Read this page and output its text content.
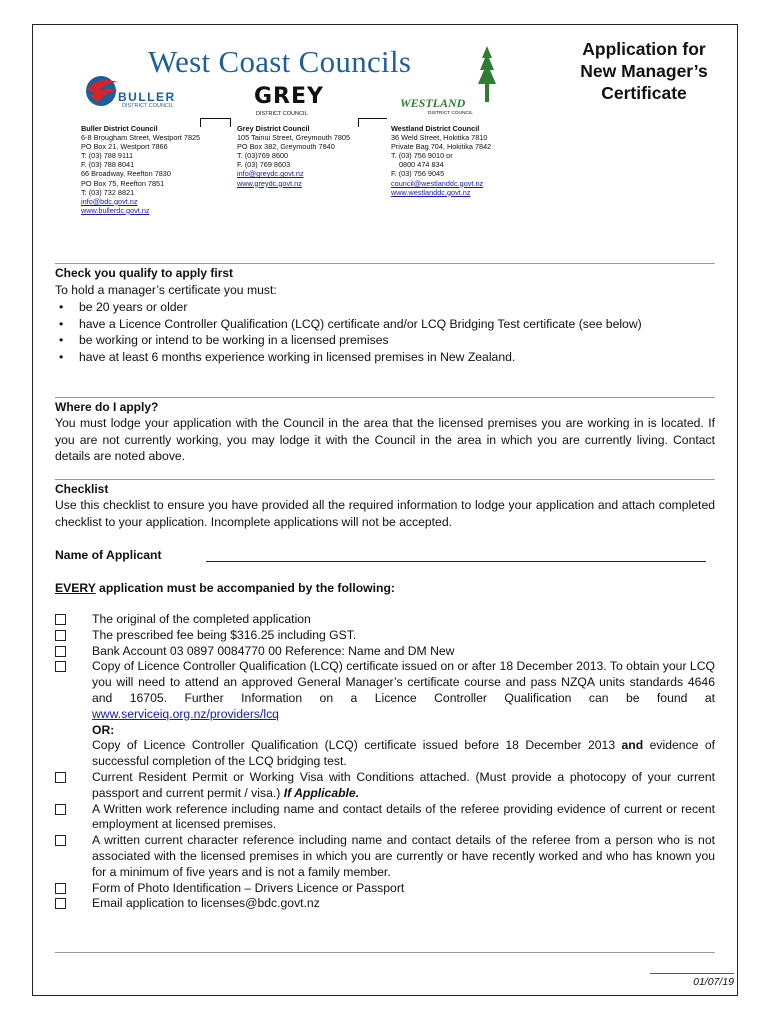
West Coast Councils	Application for
New Manager’s
Certificate
BULLER
DISTRICT COUNCIL	GREY
DISTRICT COUNCIL
WESTLAND
DISTRICT COUNCIL
Buller District Council
6-8 Brougham Street, Westport 7825
PO Box 21, Westport 7866
T: (03) 788 9111
F. (03) 788 8041
66 Broadway, Reefton 7830
PO Box 75, Reefton 7851
T: (03) 732 8821
info@bdc.govt.nz
www.bullerdc.govt.nz
Grey District Council
105 Tainui Street, Greymouth 7805
PO Box 382, Greymouth 7840
T. (03)769 8600
F. (03) 769 8603
info@greydc.govt.nz
www.greydc.govt.nz
Westland District Council
36 Weld Street, Hokitika 7810
Private Bag 704, Hokitika 7842
T. (03) 756 9010 or
0800 474 834
F. (03) 756 9045
council@westlanddc.govt.nz
www.westlanddc.govt.nz
Check you qualify to apply first
To hold a manager’s certificate you must:
• be 20 years or older
• have a Licence Controller Qualification (LCQ) certificate and/or LCQ Bridging Test certificate (see below)
• be working or intend to be working in a licensed premises
• have at least 6 months experience working in licensed premises in New Zealand.
Where do I apply?
You must lodge your application with the Council in the area that the licensed premises you are working in is located. If you are not currently working, you may lodge it with the Council in the area in which you are currently living. Contact details are noted above.
Checklist
Use this checklist to ensure you have provided all the required information to lodge your application and attach completed checklist to your application. Incomplete applications will not be accepted.
Name of Applicant
EVERY application must be accompanied by the following:
The original of the completed application
The prescribed fee being $316.25 including GST.
Bank Account 03 0897 0084770 00 Reference: Name and DM New
Copy of Licence Controller Qualification (LCQ) certificate issued on or after 18 December 2013. To obtain your LCQ you will need to attend an approved General Manager’s certificate course and pass NZQA units standards 4646 and 16705. Further Information on a Licence Controller Qualification can be found at www.serviceiq.org.nz/providers/lcq
OR:
Copy of Licence Controller Qualification (LCQ) certificate issued before 18 December 2013 and evidence of successful completion of the LCQ bridging test.
Current Resident Permit or Working Visa with Conditions attached. (Must provide a photocopy of your current passport and current permit / visa.) If Applicable.
A Written work reference including name and contact details of the referee providing evidence of current or recent employment at licensed premises.
A written current character reference including name and contact details of the referee from a person who is not associated with the licensed premises in which you are currently or have recently worked and who has known you for a minimum of five years and is not a family member.
Form of Photo Identification – Drivers Licence or Passport
Email application to licenses@bdc.govt.nz
01/07/19
